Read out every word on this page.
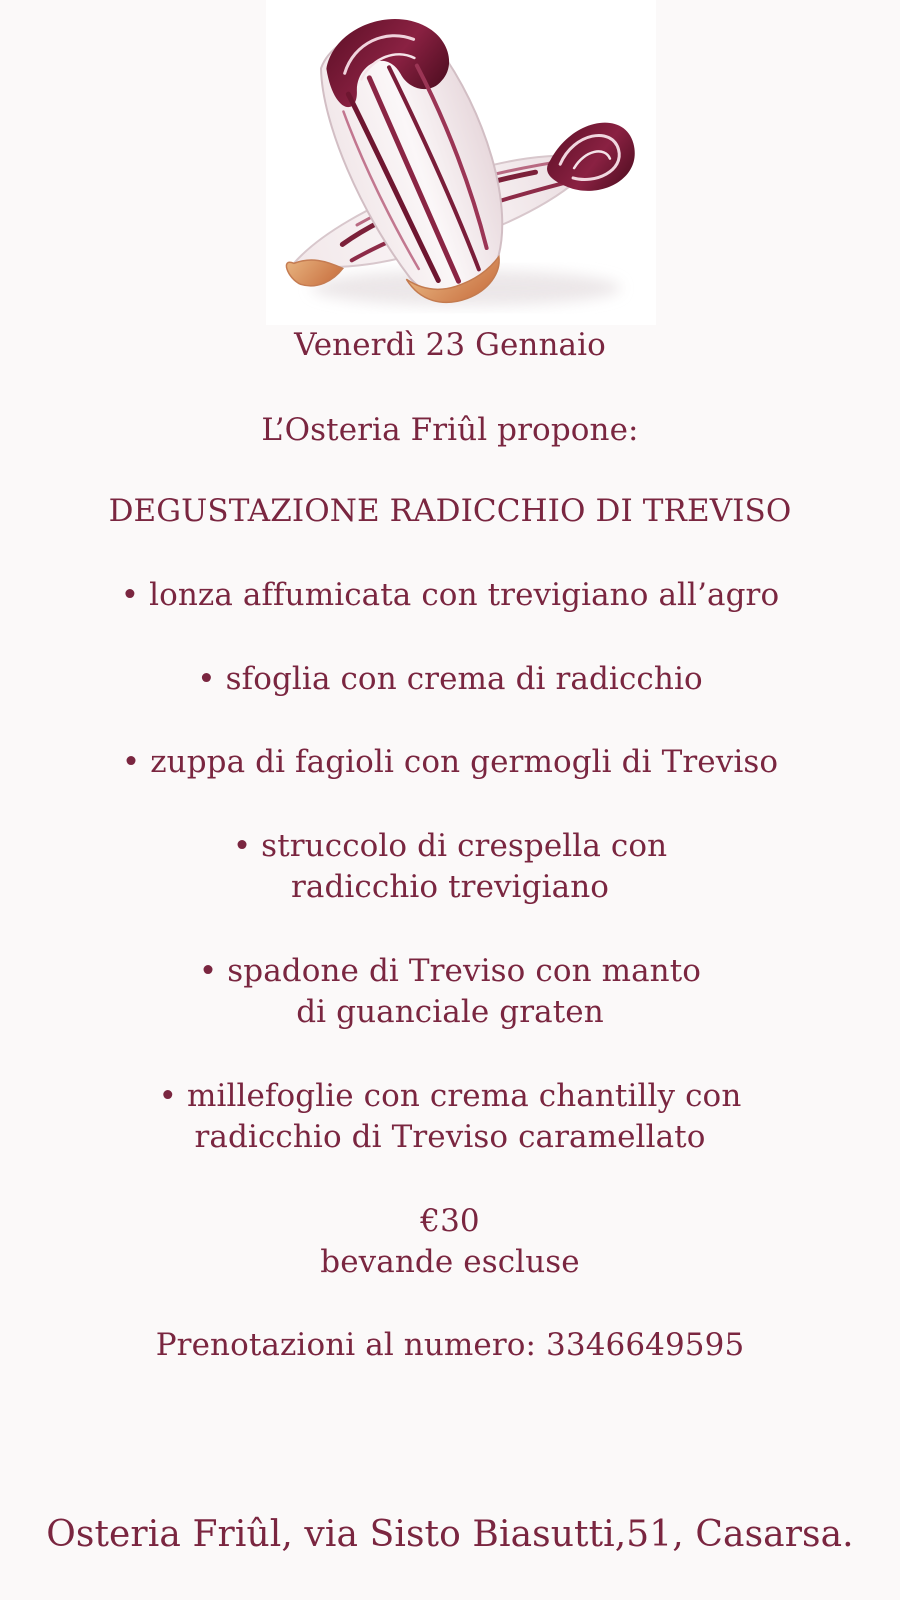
Venerdì 23 Gennaio
L’Osteria Friûl propone:
DEGUSTAZIONE RADICCHIO DI TREVISO
• lonza affumicata con trevigiano all’agro
• sfoglia con crema di radicchio
• zuppa di fagioli con germogli di Treviso
• struccolo di crespella con
radicchio trevigiano
• spadone di Treviso con manto
di guanciale graten
• millefoglie con crema chantilly con
radicchio di Treviso caramellato
€30
bevande escluse
Prenotazioni al numero: 3346649595
Osteria Friûl, via Sisto Biasutti,51, Casarsa.
